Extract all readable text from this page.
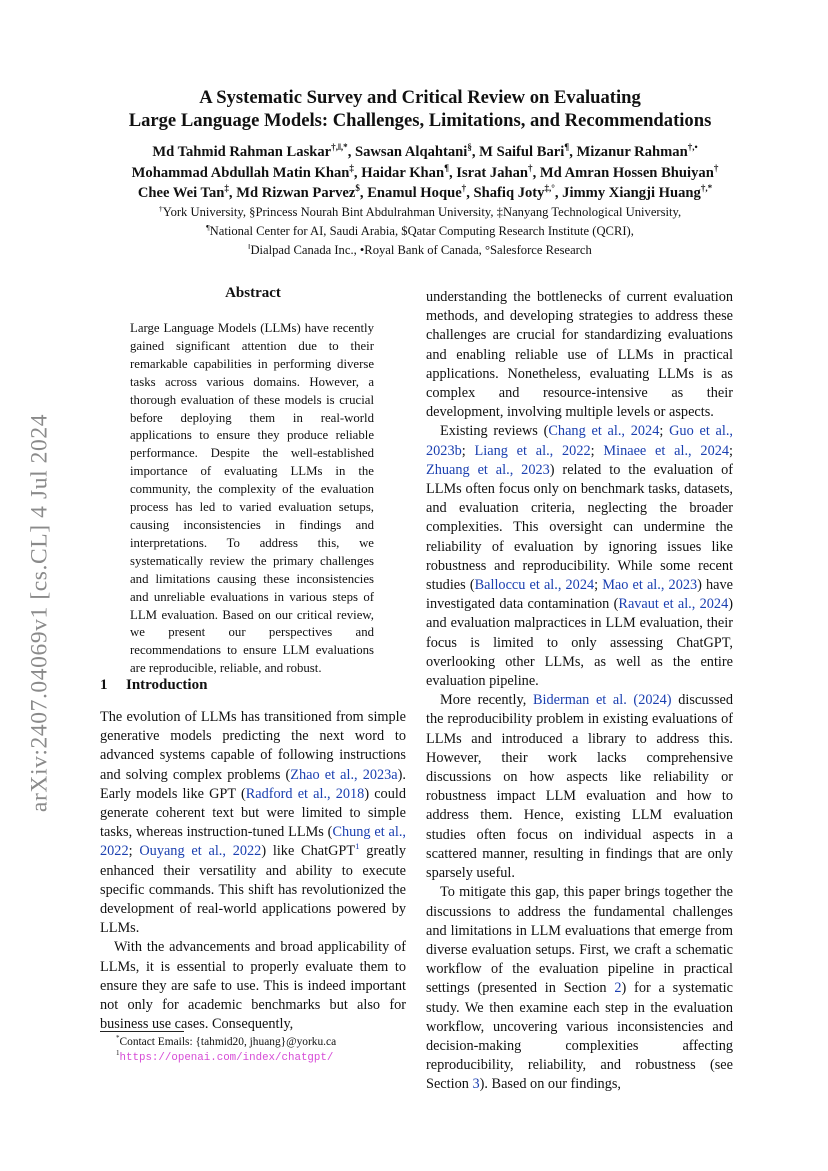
arXiv:2407.04069v1 [cs.CL] 4 Jul 2024
A Systematic Survey and Critical Review on Evaluating
Large Language Models: Challenges, Limitations, and Recommendations
Md Tahmid Rahman Laskar†,‖,*, Sawsan Alqahtani§, M Saiful Bari¶, Mizanur Rahman†,•
Mohammad Abdullah Matin Khan‡, Haidar Khan¶, Israt Jahan†, Md Amran Hossen Bhuiyan†
Chee Wei Tan‡, Md Rizwan Parvez$, Enamul Hoque†, Shafiq Joty‡,°, Jimmy Xiangji Huang†,*
†York University, §Princess Nourah Bint Abdulrahman University, ‡Nanyang Technological University,
¶National Center for AI, Saudi Arabia, $Qatar Computing Research Institute (QCRI),
‖Dialpad Canada Inc., •Royal Bank of Canada, °Salesforce Research
Abstract
Large Language Models (LLMs) have recently gained significant attention due to their remarkable capabilities in performing diverse tasks across various domains. However, a thorough evaluation of these models is crucial before deploying them in real-world applications to ensure they produce reliable performance. Despite the well-established importance of evaluating LLMs in the community, the complexity of the evaluation process has led to varied evaluation setups, causing inconsistencies in findings and interpretations. To address this, we systematically review the primary challenges and limitations causing these inconsistencies and unreliable evaluations in various steps of LLM evaluation. Based on our critical review, we present our perspectives and recommendations to ensure LLM evaluations are reproducible, reliable, and robust.
1 Introduction

The evolution of LLMs has transitioned from simple generative models predicting the next word to advanced systems capable of following instructions and solving complex problems (Zhao et al., 2023a). Early models like GPT (Radford et al., 2018) could generate coherent text but were limited to simple tasks, whereas instruction-tuned LLMs (Chung et al., 2022; Ouyang et al., 2022) like ChatGPT$^1$ greatly enhanced their versatility and ability to execute specific commands. This shift has revolutionized the development of real-world applications powered by LLMs.

With the advancements and broad applicability of LLMs, it is essential to properly evaluate them to ensure they are safe to use. This is indeed important not only for academic benchmarks but also for business use cases. Consequently,

*Contact Emails: {tahmid20, jhuang}@yorku.ca
$^1$https://openai.com/index/chatgpt/

understanding the bottlenecks of current evaluation methods, and developing strategies to address these challenges are crucial for standardizing evaluations and enabling reliable use of LLMs in practical applications. Nonetheless, evaluating LLMs is as complex and resource-intensive as their development, involving multiple levels or aspects.

Existing reviews (Chang et al., 2024; Guo et al., 2023b; Liang et al., 2022; Minaee et al., 2024; Zhuang et al., 2023) related to the evaluation of LLMs often focus only on benchmark tasks, datasets, and evaluation criteria, neglecting the broader complexities. This oversight can undermine the reliability of evaluation by ignoring issues like robustness and reproducibility. While some recent studies (Balloccu et al., 2024; Mao et al., 2023) have investigated data contamination (Ravaut et al., 2024) and evaluation malpractices in LLM evaluation, their focus is limited to only assessing ChatGPT, overlooking other LLMs, as well as the entire evaluation pipeline.

More recently, Biderman et al. (2024) discussed the reproducibility problem in existing evaluations of LLMs and introduced a library to address this. However, their work lacks comprehensive discussions on how aspects like reliability or robustness impact LLM evaluation and how to address them. Hence, existing LLM evaluation studies often focus on individual aspects in a scattered manner, resulting in findings that are only sparsely useful.

To mitigate this gap, this paper brings together the discussions to address the fundamental challenges and limitations in LLM evaluations that emerge from diverse evaluation setups. First, we craft a schematic workflow of the evaluation pipeline in practical settings (presented in Section 2) for a systematic study. We then examine each step in the evaluation workflow, uncovering various inconsistencies and decision-making complexities affecting reproducibility, reliability, and robustness (see Section 3). Based on our findings,
